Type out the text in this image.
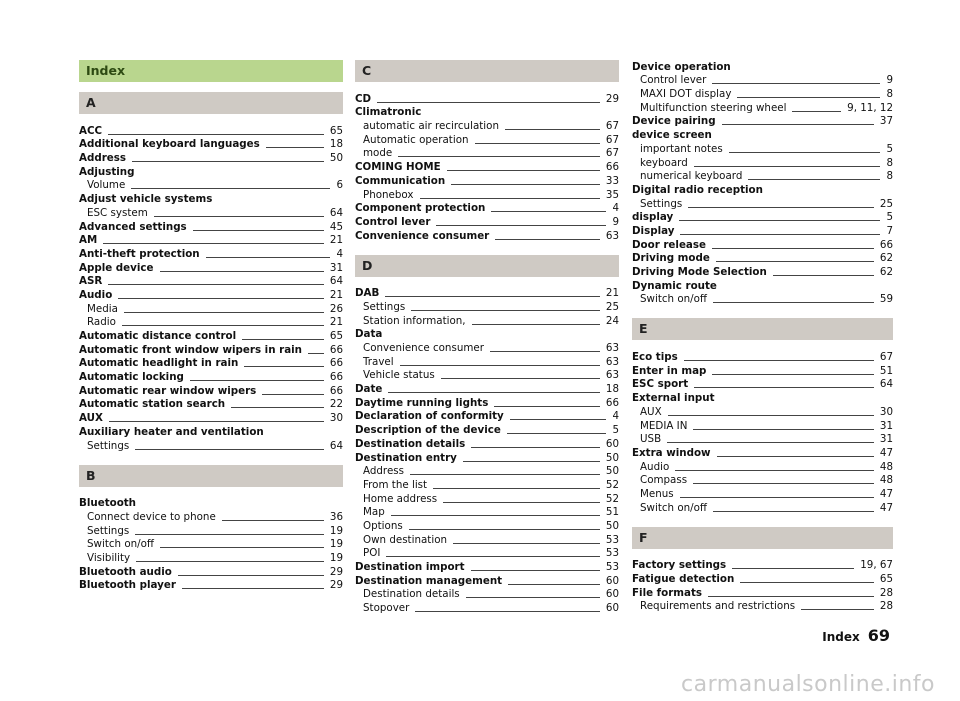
Index
A
ACC	65
Additional keyboard languages	18
Address	50
Adjusting
Volume	6
Adjust vehicle systems
ESC system	64
Advanced settings	45
AM	21
Anti-theft protection	4
Apple device	31
ASR	64
Audio	21
Media	26
Radio	21
Automatic distance control	65
Automatic front window wipers in rain	66
Automatic headlight in rain	66
Automatic locking	66
Automatic rear window wipers	66
Automatic station search	22
AUX	30
Auxiliary heater and ventilation
Settings	64
B
Bluetooth
Connect device to phone	36
Settings	19
Switch on/off	19
Visibility	19
Bluetooth audio	29
Bluetooth player	29
C
CD	29
Climatronic
automatic air recirculation	67
Automatic operation	67
mode	67
COMING HOME	66
Communication	33
Phonebox	35
Component protection	4
Control lever	9
Convenience consumer	63
D
DAB	21
Settings	25
Station information,	24
Data
Convenience consumer	63
Travel	63
Vehicle status	63
Date	18
Daytime running lights	66
Declaration of conformity	4
Description of the device	5
Destination details	60
Destination entry	50
Address	50
From the list	52
Home address	52
Map	51
Options	50
Own destination	53
POI	53
Destination import	53
Destination management	60
Destination details	60
Stopover	60
Device operation
Control lever	9
MAXI DOT display	8
Multifunction steering wheel	9, 11, 12
Device pairing	37
device screen
important notes	5
keyboard	8
numerical keyboard	8
Digital radio reception
Settings	25
display	5
Display	7
Door release	66
Driving mode	62
Driving Mode Selection	62
Dynamic route
Switch on/off	59
E
Eco tips	67
Enter in map	51
ESC sport	64
External input
AUX	30
MEDIA IN	31
USB	31
Extra window	47
Audio	48
Compass	48
Menus	47
Switch on/off	47
F
Factory settings	19, 67
Fatigue detection	65
File formats	28
Requirements and restrictions	28
Index 69
carmanualsonline.info
